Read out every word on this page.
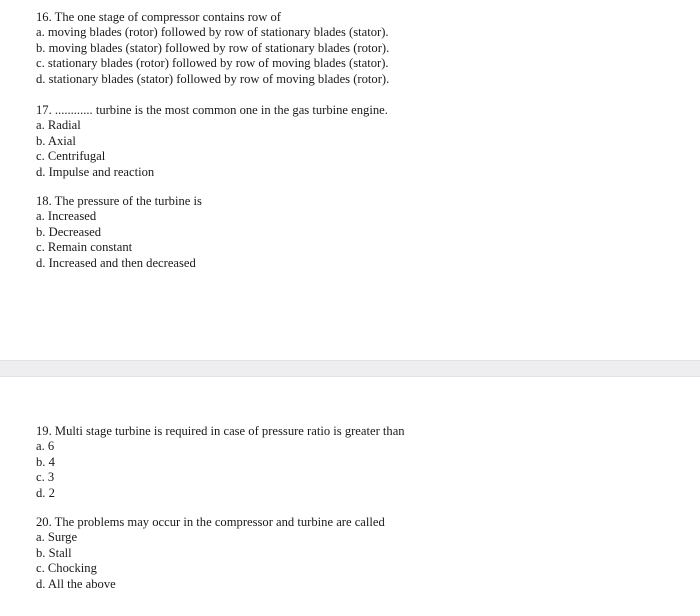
16. The one stage of compressor contains row of
a. moving blades (rotor) followed by row of stationary blades (stator).
b. moving blades (stator) followed by row of stationary blades (rotor).
c. stationary blades (rotor) followed by row of moving blades (stator).
d. stationary blades (stator) followed by row of moving blades (rotor).
17. ............ turbine is the most common one in the gas turbine engine.
a. Radial
b. Axial
c. Centrifugal
d. Impulse and reaction
18. The pressure of the turbine is
a. Increased
b. Decreased
c. Remain constant
d. Increased and then decreased
19. Multi stage turbine is required in case of pressure ratio is greater than
a. 6
b. 4
c. 3
d. 2
20. The problems may occur in the compressor and turbine are called
a. Surge
b. Stall
c. Chocking
d. All the above
